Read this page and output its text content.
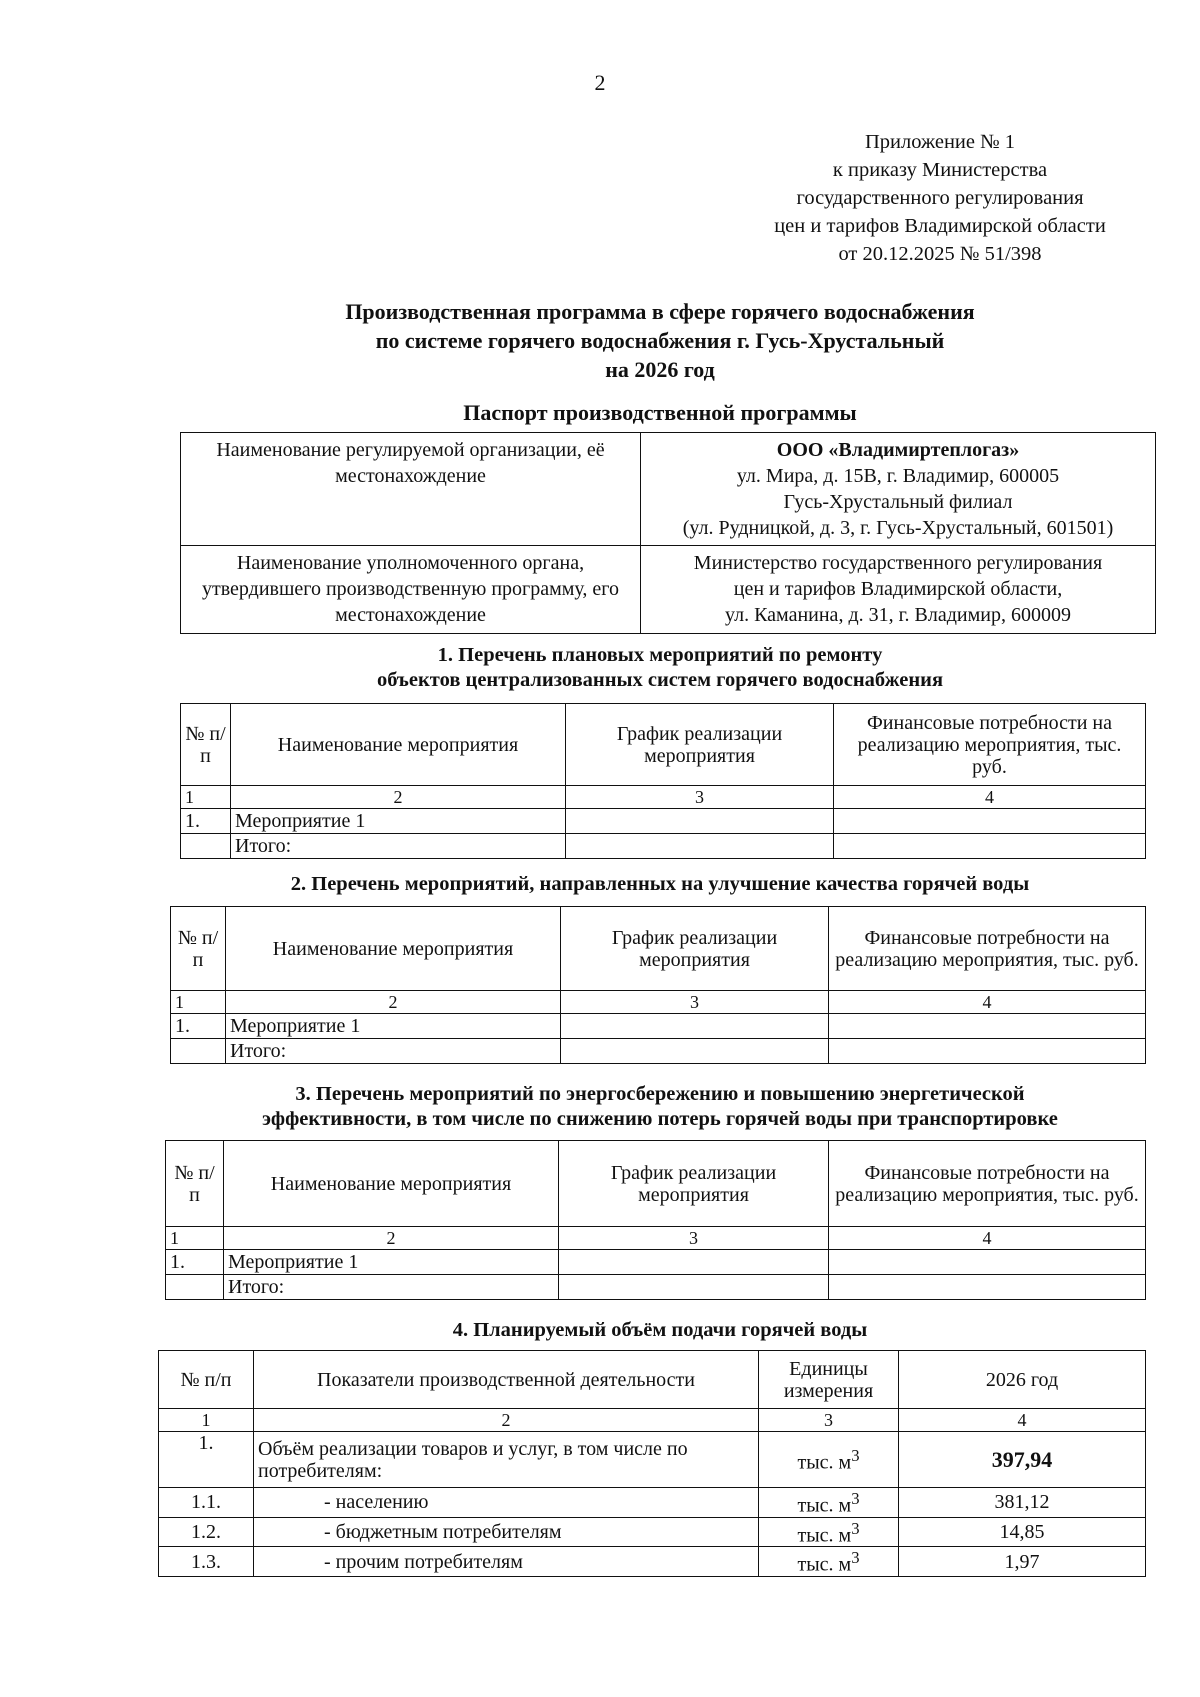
2
Приложение № 1
к приказу Министерства
государственного регулирования
цен и тарифов Владимирской области
от 20.12.2025 № 51/398
Производственная программа в сфере горячего водоснабжения
по системе горячего водоснабжения г. Гусь-Хрустальный
на 2026 год
Паспорт производственной программы
Наименование регулируемой организации, её местонахождение	ООО «Владимиртеплогаз»
ул. Мира, д. 15В, г. Владимир, 600005
Гусь-Хрустальный филиал
(ул. Рудницкой, д. 3, г. Гусь-Хрустальный, 601501)

Наименование уполномоченного органа, утвердившего производственную программу, его местонахождение	Министерство государственного регулирования
цен и тарифов Владимирской области,
ул. Каманина, д. 31, г. Владимир, 600009
1. Перечень плановых мероприятий по ремонту
объектов централизованных систем горячего водоснабжения
№ п/п	Наименование мероприятия	График реализации мероприятия	Финансовые потребности на реализацию мероприятия, тыс. руб.
1	2	3	4
1.	Мероприятие 1		
	Итого:		
2. Перечень мероприятий, направленных на улучшение качества горячей воды
№ п/п	Наименование мероприятия	График реализации мероприятия	Финансовые потребности на реализацию мероприятия, тыс. руб.
1	2	3	4
1.	Мероприятие 1		
	Итого:		
3. Перечень мероприятий по энергосбережению и повышению энергетической
эффективности, в том числе по снижению потерь горячей воды при транспортировке
№ п/п	Наименование мероприятия	График реализации мероприятия	Финансовые потребности на реализацию мероприятия, тыс. руб.
1	2	3	4
1.	Мероприятие 1		
	Итого:		
4. Планируемый объём подачи горячей воды
№ п/п	Показатели производственной деятельности	Единицы измерения	2026 год
1	2	3	4
1.	Объём реализации товаров и услуг, в том числе по потребителям:	тыс. $м^3$	397,94
1.1.	- населению	тыс. $м^3$	381,12
1.2.	- бюджетным потребителям	тыс. $м^3$	14,85
1.3.	- прочим потребителям	тыс. $м^3$	1,97
